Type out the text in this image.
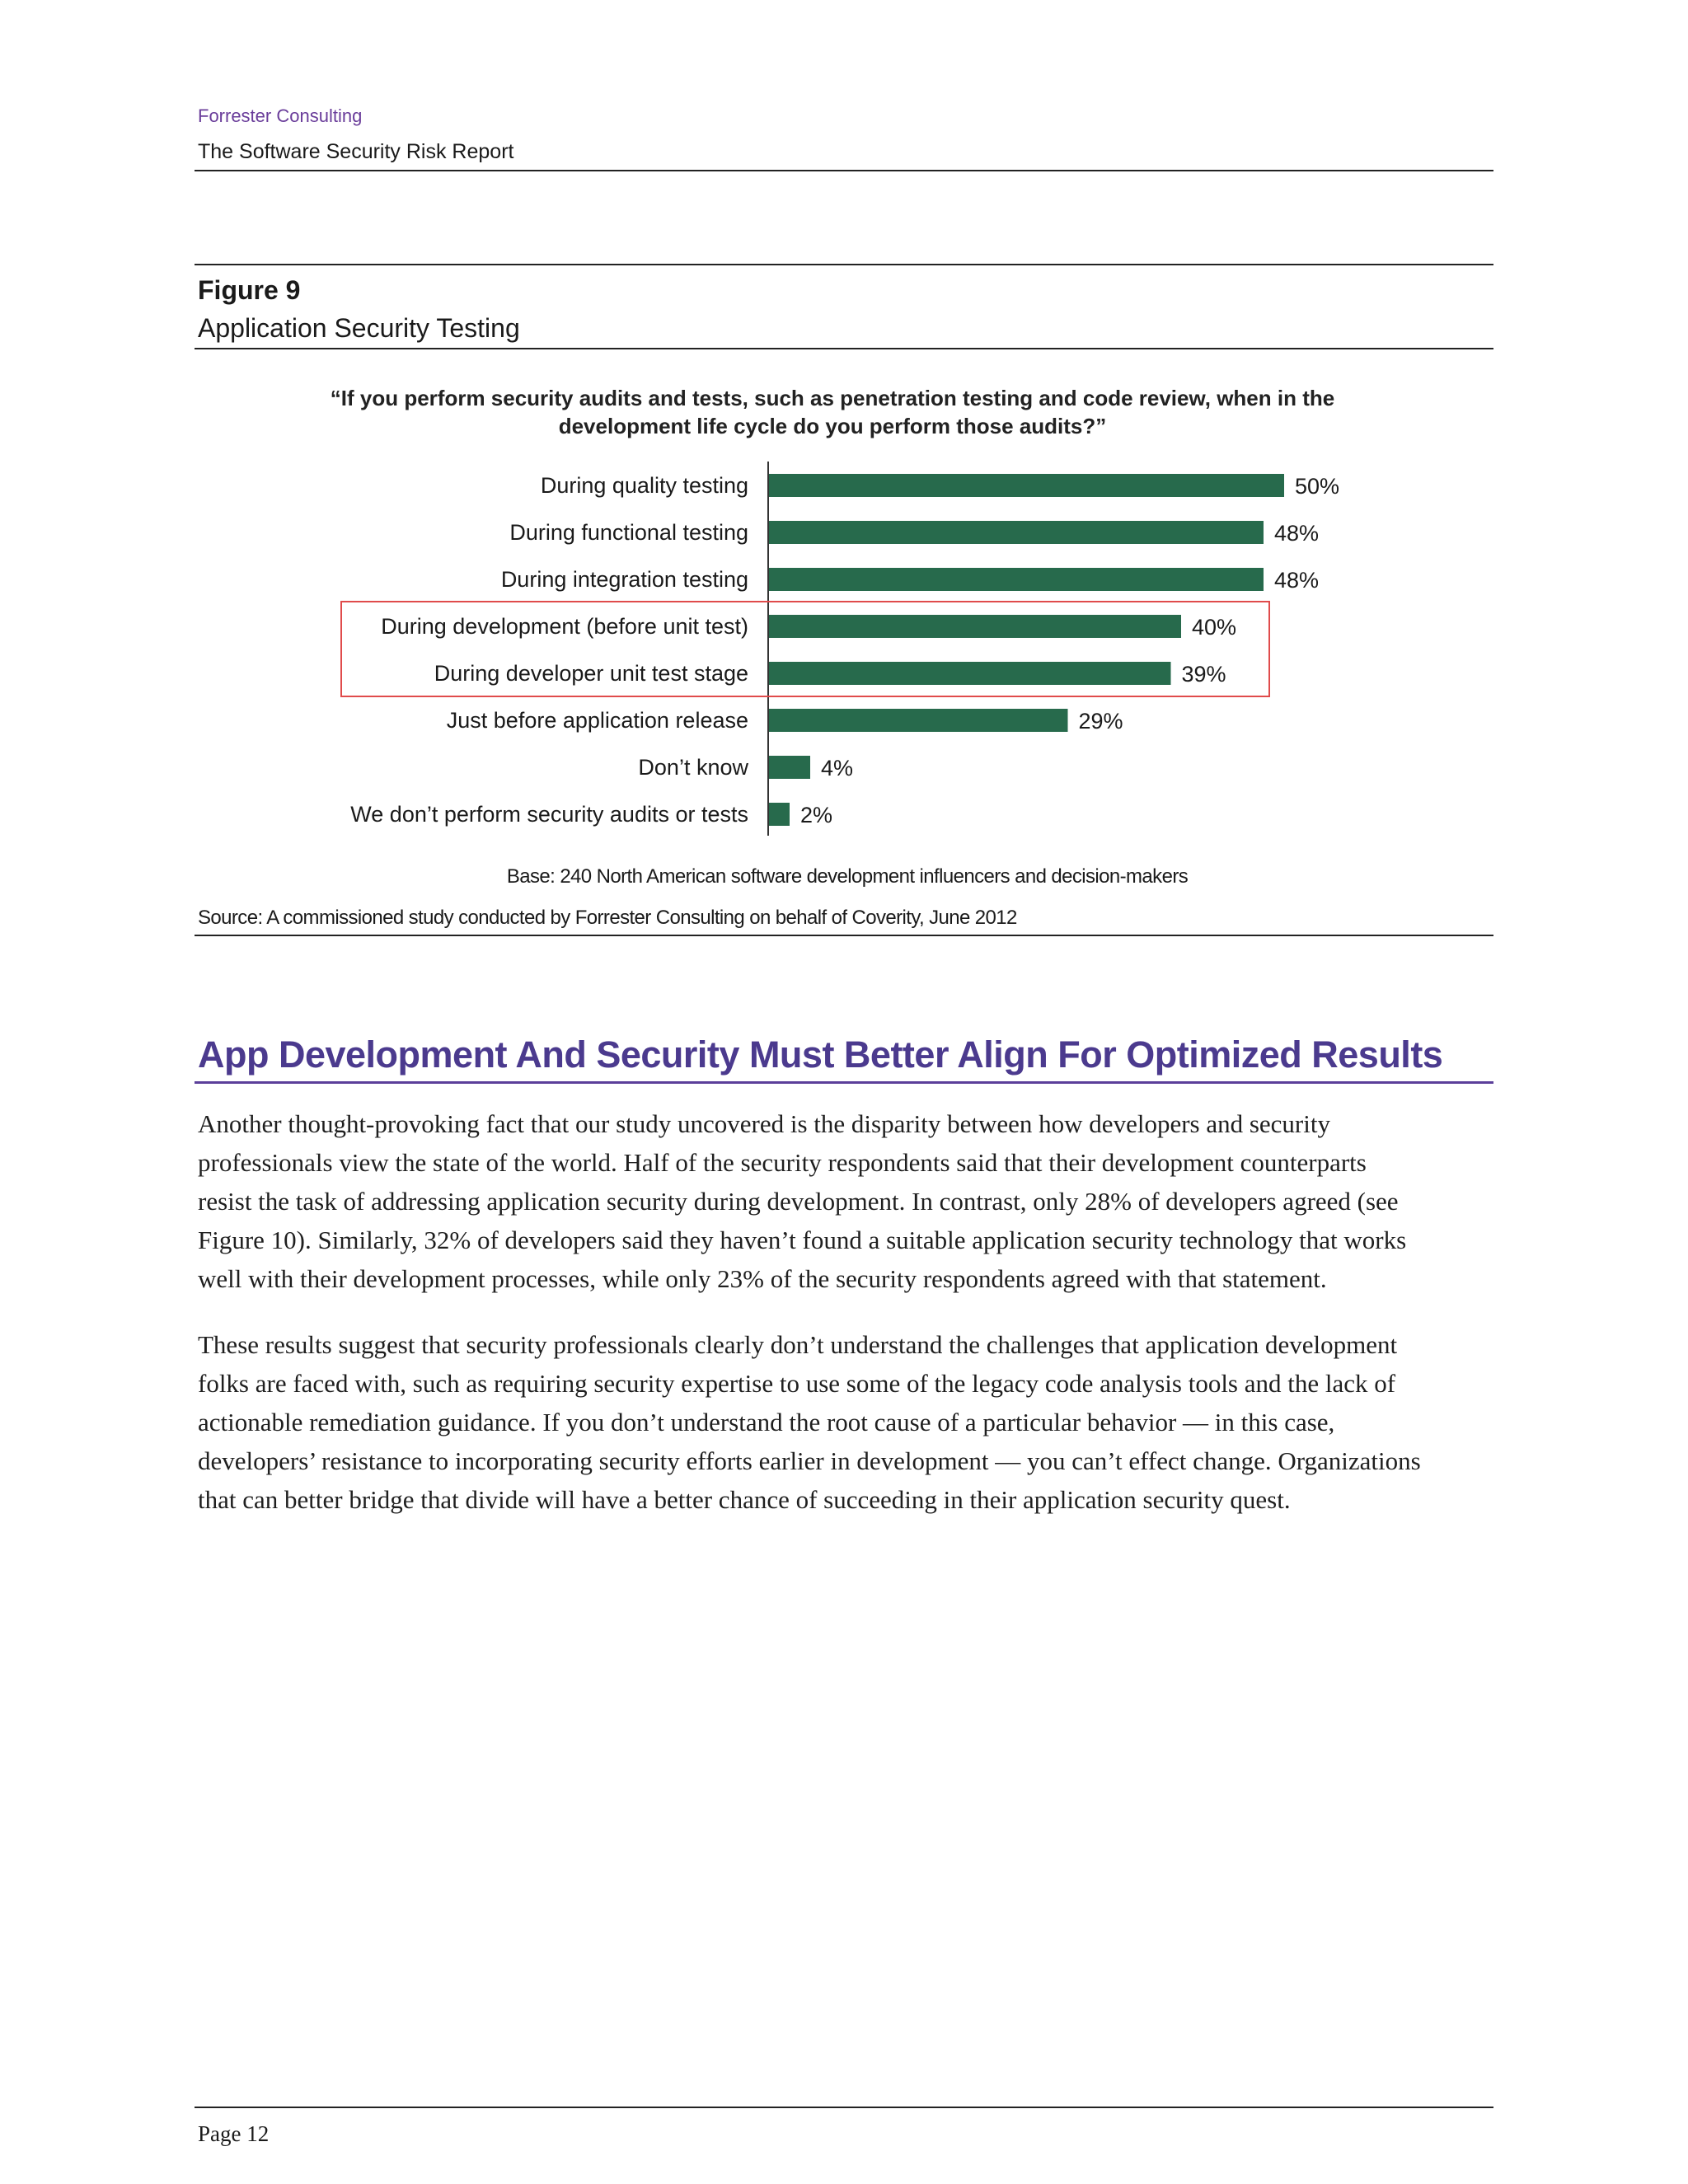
Forrester Consulting
The Software Security Risk Report
Figure 9
Application Security Testing
“If you perform security audits and tests, such as penetration testing and code review, when in the development life cycle do you perform those audits?”
During quality testing	50%
During functional testing	48%
During integration testing	48%
During development (before unit test)	40%
During developer unit test stage	39%
Just before application release	29%
Don’t know	4%
We don’t perform security audits or tests 2%
Base: 240 North American software development influencers and decision-makers
Source: A commissioned study conducted by Forrester Consulting on behalf of Coverity, June 2012
App Development And Security Must Better Align For Optimized Results
Another thought-provoking fact that our study uncovered is the disparity between how developers and security
professionals view the state of the world. Half of the security respondents said that their development counterparts
resist the task of addressing application security during development. In contrast, only 28% of developers agreed (see
Figure 10). Similarly, 32% of developers said they haven’t found a suitable application security technology that works
well with their development processes, while only 23% of the security respondents agreed with that statement.
These results suggest that security professionals clearly don’t understand the challenges that application development
folks are faced with, such as requiring security expertise to use some of the legacy code analysis tools and the lack of
actionable remediation guidance. If you don’t understand the root cause of a particular behavior — in this case,
developers’ resistance to incorporating security efforts earlier in development — you can’t effect change. Organizations
that can better bridge that divide will have a better chance of succeeding in their application security quest.
Page 12
